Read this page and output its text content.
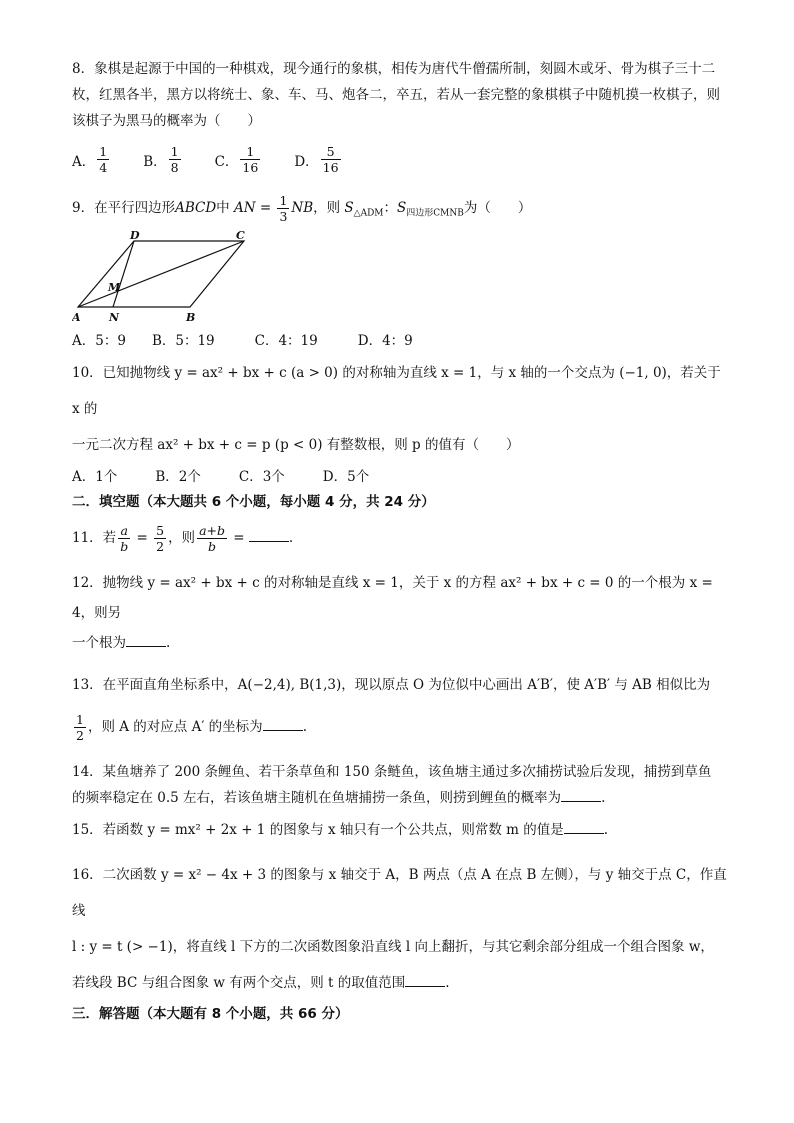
8．象棋是起源于中国的一种棋戏，现今通行的象棋，相传为唐代牛僧孺所制，刻圆木或牙、骨为棋子三十二枚，红黑各半，黑方以将统士、象、车、马、炮各二，卒五，若从一套完整的象棋棋子中随机摸一枚棋子，则该棋子为黑马的概率为（　　）

A． $\frac{1}{4}$	B． $\frac{1}{8}$	C． $\frac{1}{16}$	D． $\frac{5}{16}$

9．在平行四边形ABCD中 AN = $\frac{1}{3}$ NB，则 $S_{\triangle ADM}$：$S_{四边形CMNB}$为（　　）

D	C
M
A	N	B
A．5：9 B．5：19	C．4：19	D．4：9

10．已知抛物线 y = ax² + bx + c (a > 0) 的对称轴为直线 x = 1，与 x 轴的一个交点为 (−1, 0)，若关于 x 的
一元二次方程 ax² + bx + c = p (p < 0) 有整数根，则 p 的值有（　　）

A．1个	B．2个	C．3个	D．5个

二．填空题（本大题共 6 个小题，每小题 4 分，共 24 分）

11．若 $\frac{a}{b} = \frac{5}{2}$ ，则 $\frac{a+b}{b}$ =	.

12．抛物线 y = ax² + bx + c 的对称轴是直线 x = 1，关于 x 的方程 ax² + bx + c = 0 的一个根为 x = 4，则另
一个根为	.

13．在平面直角坐标系中，A(−2,4), B(1,3)，现以原点 O 为位似中心画出 A′B′，使 A′B′ 与 AB 相似比为

$\frac{1}{2}$ ，则 A 的对应点 A′ 的坐标为	.

14．某鱼塘养了 200 条鲤鱼、若干条草鱼和 150 条鲢鱼，该鱼塘主通过多次捕捞试验后发现，捕捞到草鱼
的频率稳定在 0.5 左右，若该鱼塘主随机在鱼塘捕捞一条鱼，则捞到鲤鱼的概率为	.

15．若函数 y = mx² + 2x + 1 的图象与 x 轴只有一个公共点，则常数 m 的值是	.

16．二次函数 y = x² − 4x + 3 的图象与 x 轴交于 A，B 两点（点 A 在点 B 左侧），与 y 轴交于点 C，作直线
l : y = t (> −1)，将直线 l 下方的二次函数图象沿直线 l 向上翻折，与其它剩余部分组成一个组合图象 w，
若线段 BC 与组合图象 w 有两个交点，则 t 的取值范围	.

三．解答题（本大题有 8 个小题，共 66 分）
